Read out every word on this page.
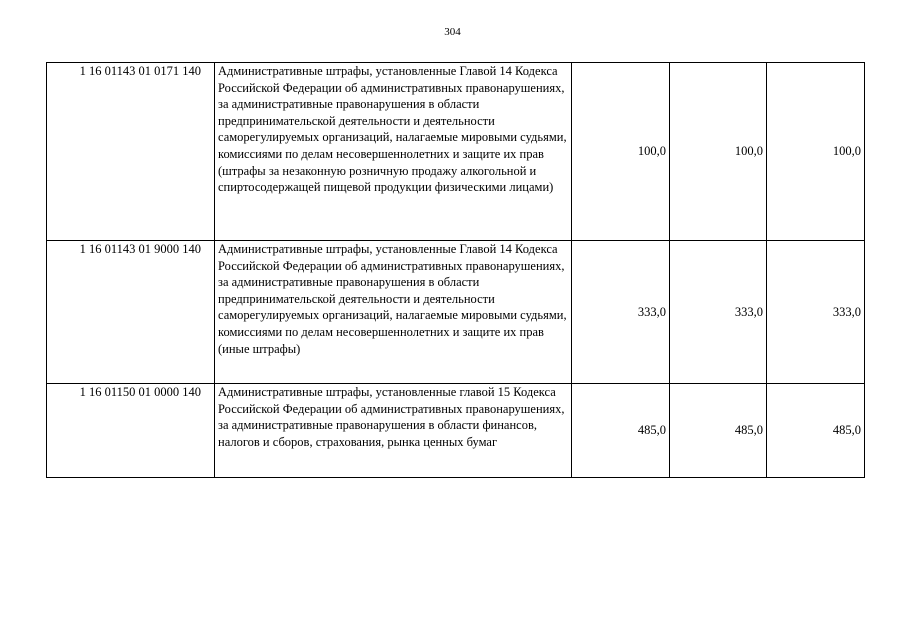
304
1 16 01143 01 0171 140	Административные штрафы, установленные Главой 14 Кодекса Российской Федерации об административных правонарушениях, за административные правонарушения в области предпринимательской деятельности и деятельности саморегулируемых организаций, налагаемые мировыми судьями, комиссиями по делам несовершеннолетних и защите их прав (штрафы за незаконную розничную продажу алкогольной и спиртосодержащей пищевой продукции физическими лицами)	100,0	100,0	100,0
1 16 01143 01 9000 140	Административные штрафы, установленные Главой 14 Кодекса Российской Федерации об административных правонарушениях, за административные правонарушения в области предпринимательской деятельности и деятельности саморегулируемых организаций, налагаемые мировыми судьями, комиссиями по делам несовершеннолетних и защите их прав (иные штрафы)	333,0	333,0	333,0
1 16 01150 01 0000 140	Административные штрафы, установленные главой 15 Кодекса Российской Федерации об административных правонарушениях, за административные правонарушения в области финансов, налогов и сборов, страхования, рынка ценных бумаг	485,0	485,0	485,0
